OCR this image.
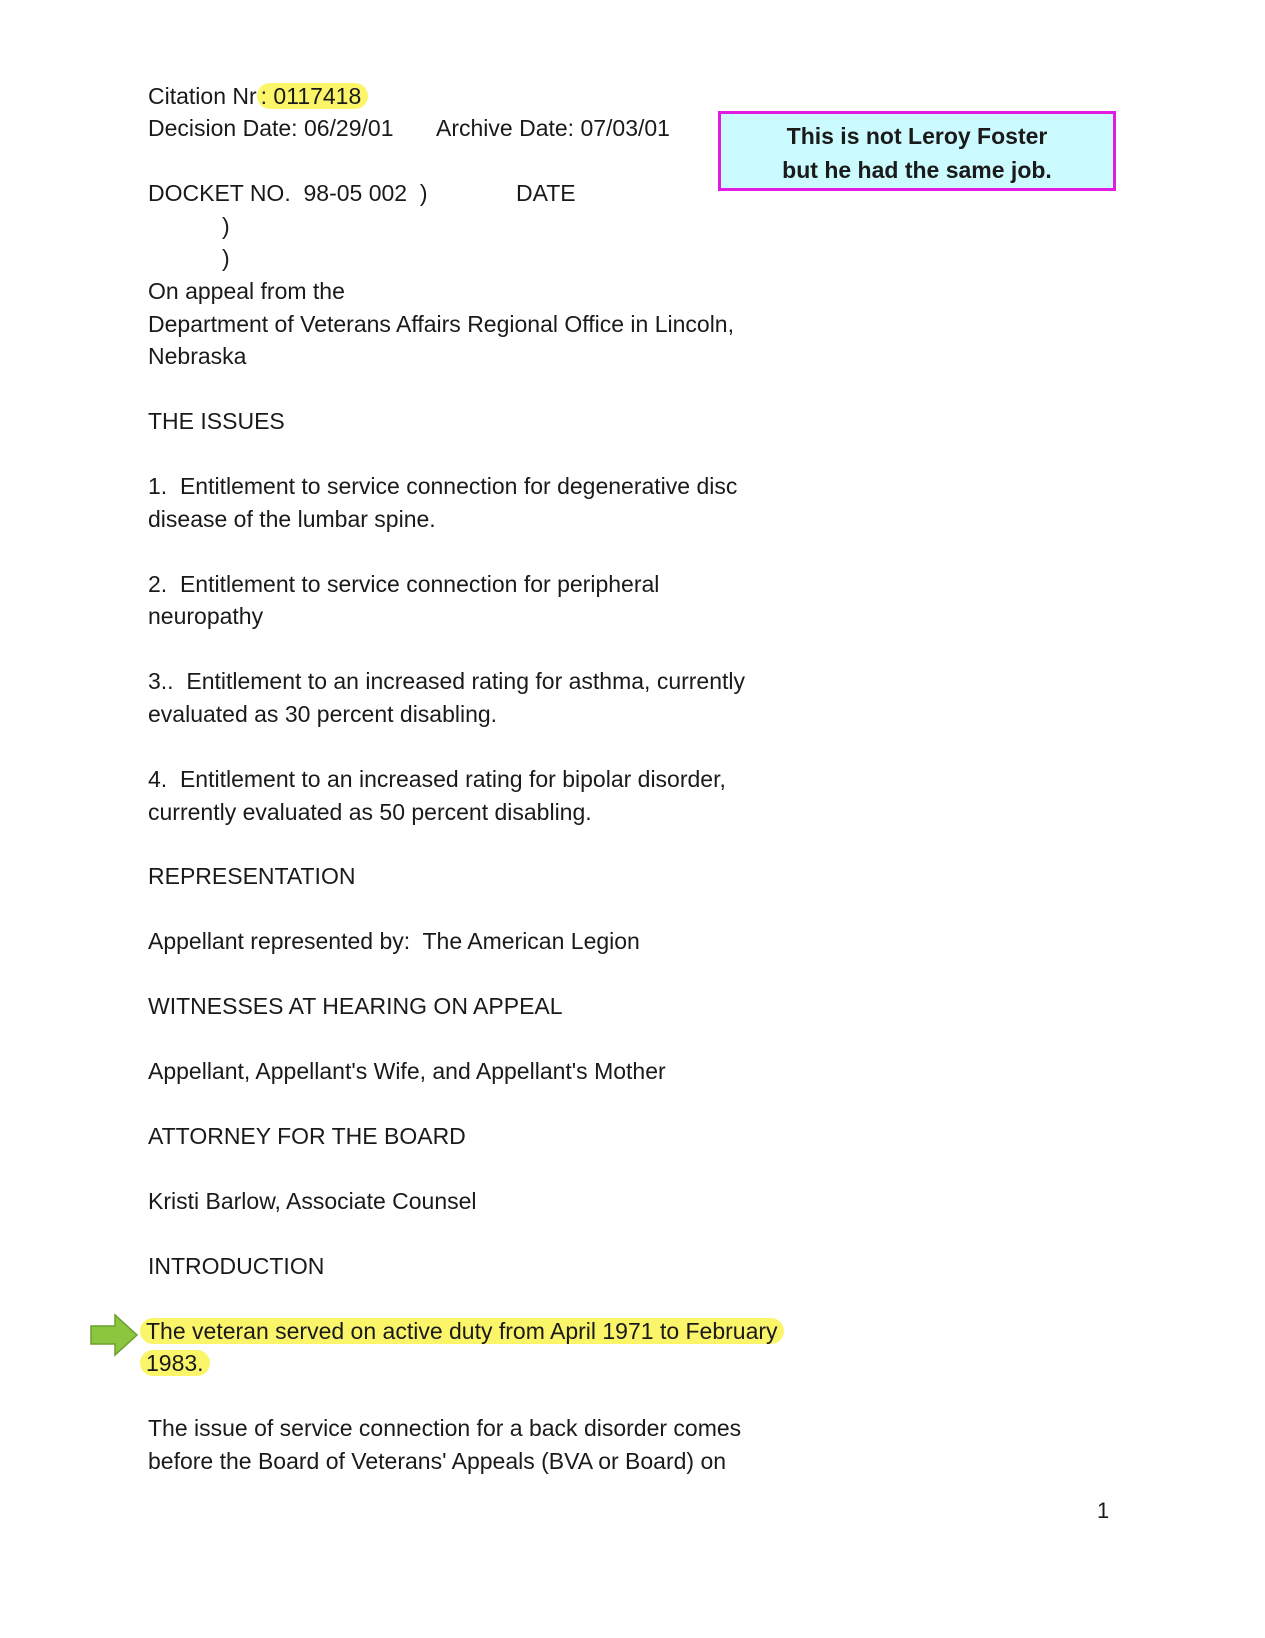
Citation Nr : 0117418
Decision Date: 06/29/01 Archive Date: 07/03/01	This is not Leroy Foster
but he had the same job.
DOCKET NO.  98-05 002  )	DATE
)
)
On appeal from the
Department of Veterans Affairs Regional Office in Lincoln,
Nebraska
THE ISSUES
1.  Entitlement to service connection for degenerative disc
disease of the lumbar spine.
2.  Entitlement to service connection for peripheral
neuropathy
3..  Entitlement to an increased rating for asthma, currently
evaluated as 30 percent disabling.
4.  Entitlement to an increased rating for bipolar disorder,
currently evaluated as 50 percent disabling.
REPRESENTATION
Appellant represented by:  The American Legion
WITNESSES AT HEARING ON APPEAL
Appellant, Appellant's Wife, and Appellant's Mother
ATTORNEY FOR THE BOARD
Kristi Barlow, Associate Counsel
INTRODUCTION
The veteran served on active duty from April 1971 to February
1983.
The issue of service connection for a back disorder comes
before the Board of Veterans' Appeals (BVA or Board) on
1
